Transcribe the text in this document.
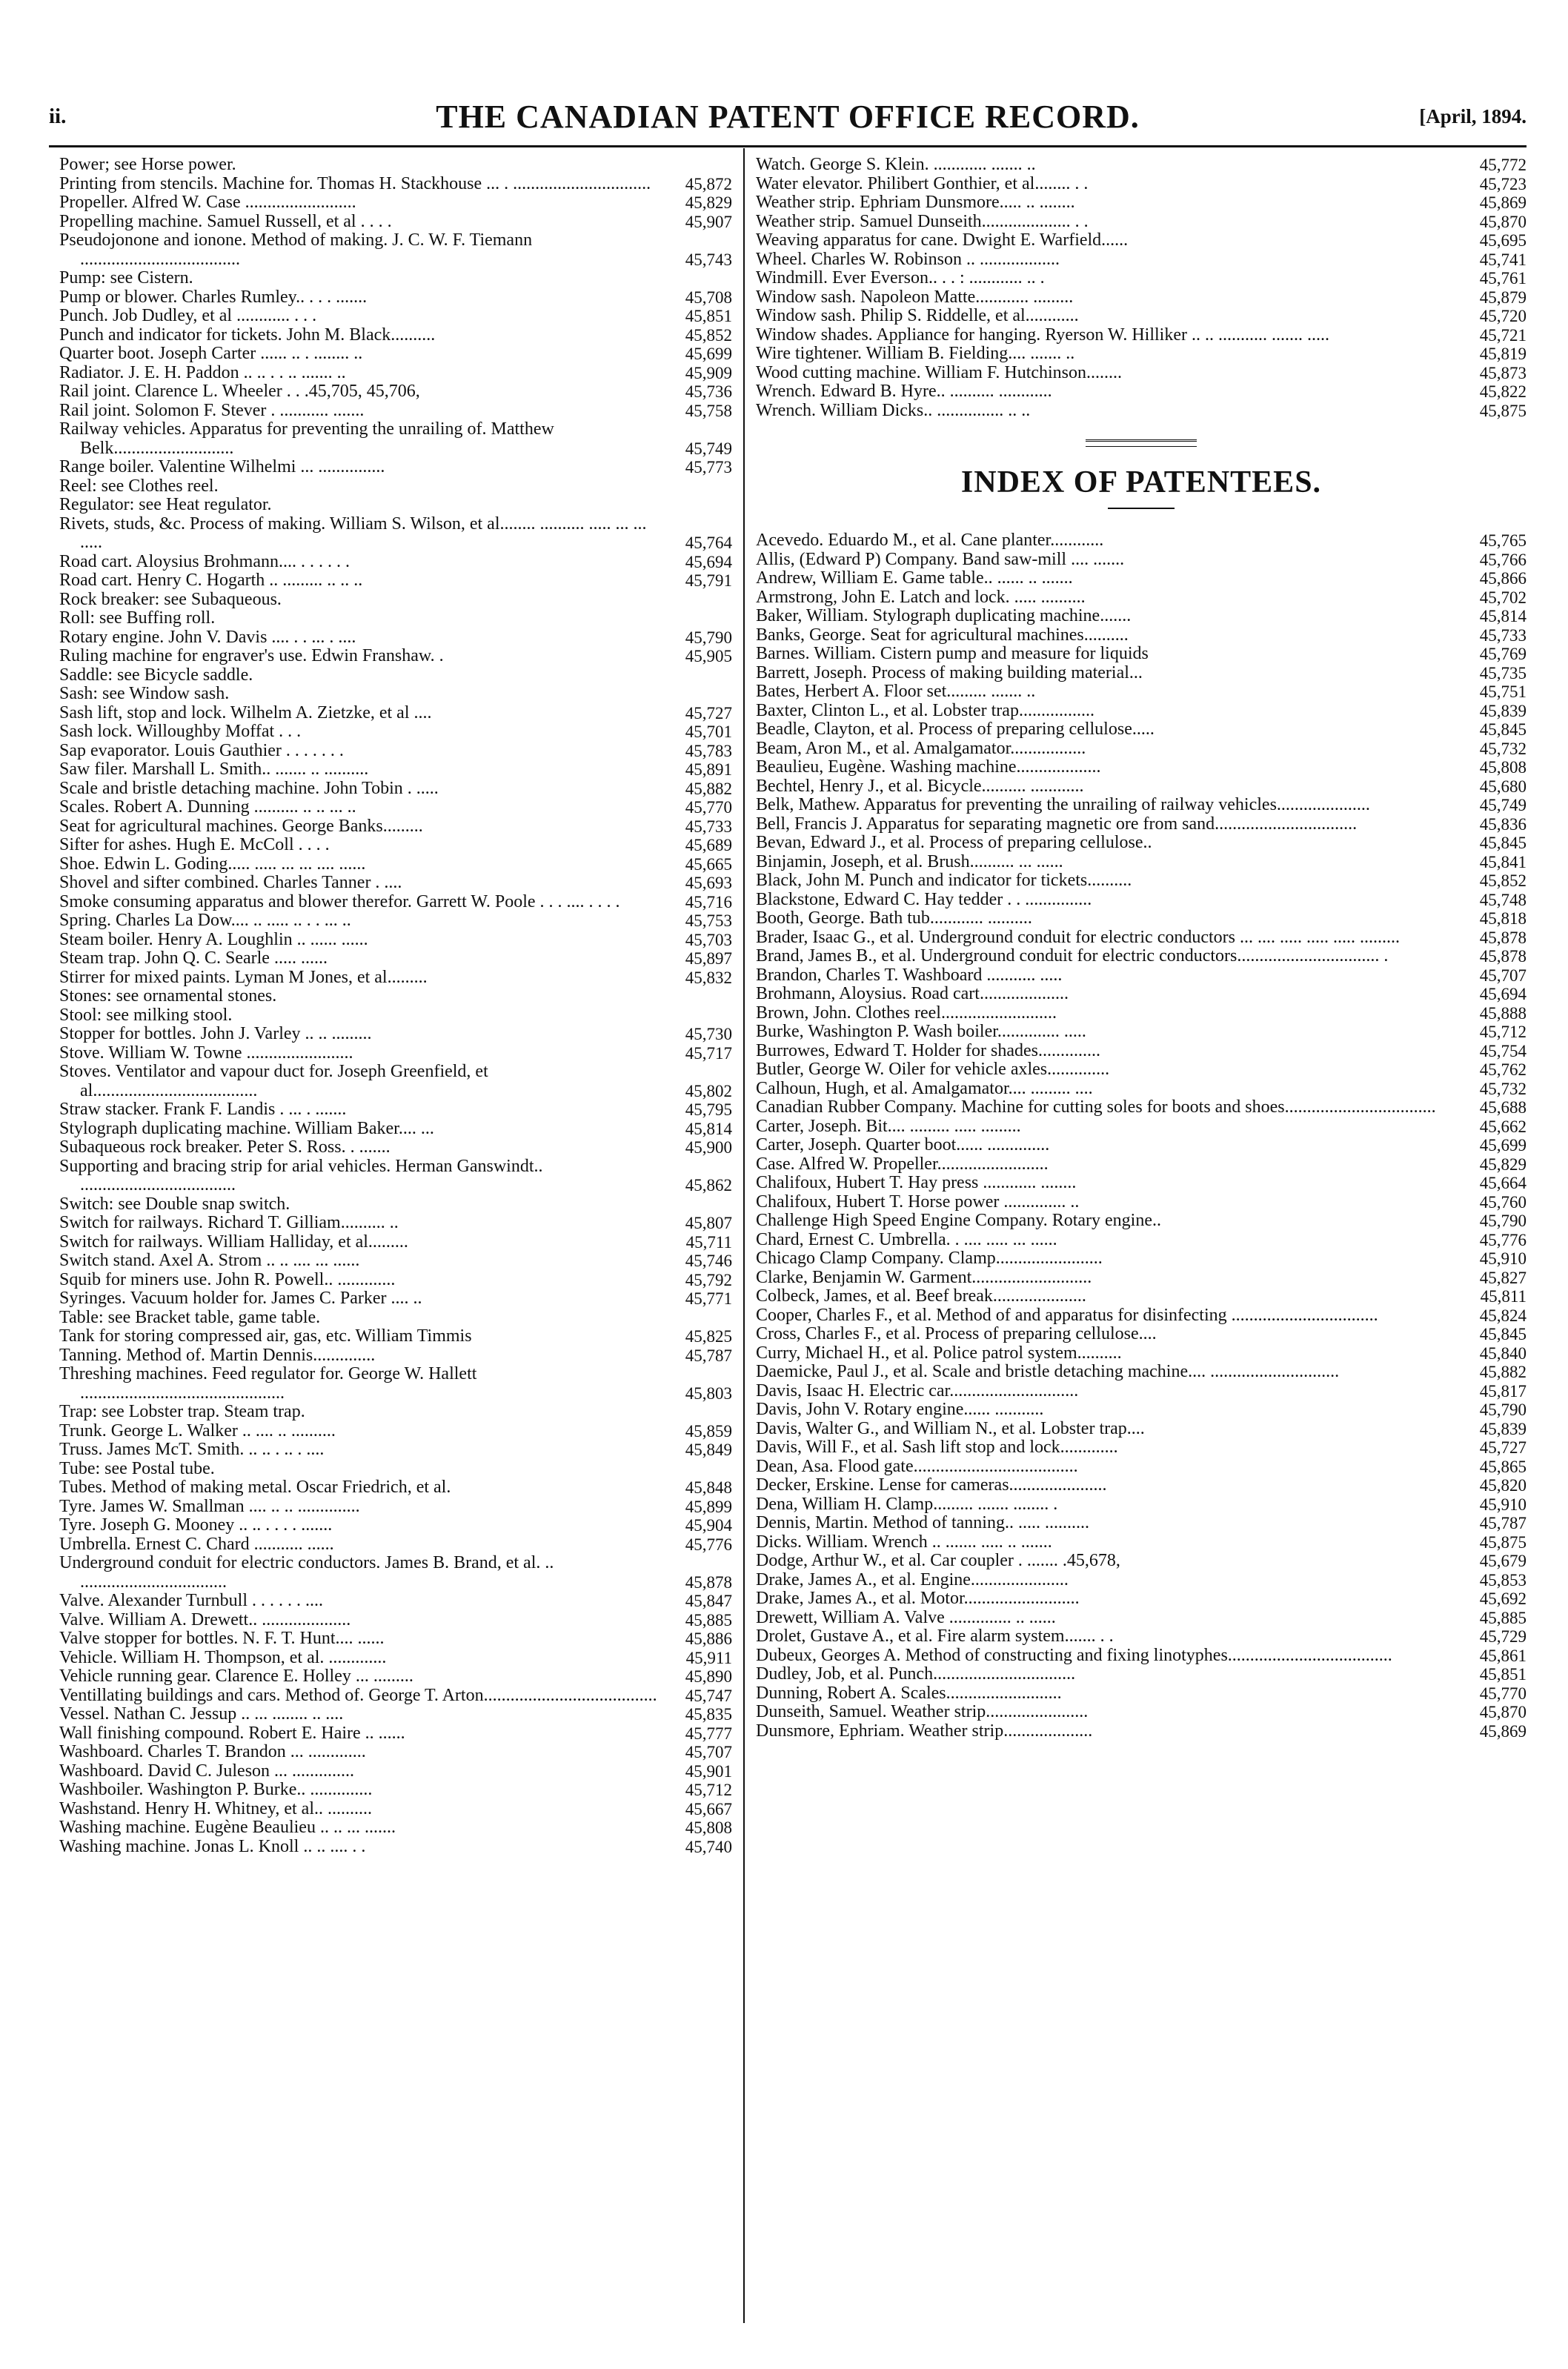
ii.	THE CANADIAN PATENT OFFICE RECORD.	[April, 1894.
Power; see Horse power.
Printing from stencils. Machine for. Thomas H. Stackhouse ... . ...............................	45,872
Propeller. Alfred W. Case .........................	45,829
Propelling machine. Samuel Russell, et al . . . .	45,907
Pseudojonone and ionone. Method of making. J. C. W. F. Tiemann ....................................	45,743
Pump: see Cistern.
Pump or blower. Charles Rumley.. . . . .......	45,708
Punch. Job Dudley, et al ............ . . .	45,851
Punch and indicator for tickets. John M. Black..........	45,852
Quarter boot. Joseph Carter ...... .. . ........ ..	45,699
Radiator. J. E. H. Paddon .. .. . . .. ....... ..	45,909
Rail joint. Clarence L. Wheeler . . .45,705, 45,706,	45,736
Rail joint. Solomon F. Stever . ........... .......	45,758
Railway vehicles. Apparatus for preventing the unrailing of. Matthew Belk...........................	45,749
Range boiler. Valentine Wilhelmi ... ...............	45,773
Reel: see Clothes reel.
Regulator: see Heat regulator.
Rivets, studs, &c. Process of making. William S. Wilson, et al........ .......... ..... ... ... .....	45,764
Road cart. Aloysius Brohmann.... . . . . . .	45,694
Road cart. Henry C. Hogarth .. ......... .. .. ..	45,791
Rock breaker: see Subaqueous.
Roll: see Buffing roll.
Rotary engine. John V. Davis .... . . ... . ....	45,790
Ruling machine for engraver's use. Edwin Franshaw. .	45,905
Saddle: see Bicycle saddle.
Sash: see Window sash.
Sash lift, stop and lock. Wilhelm A. Zietzke, et al ....	45,727
Sash lock. Willoughby Moffat . . .	45,701
Sap evaporator. Louis Gauthier . . . . . . .	45,783
Saw filer. Marshall L. Smith.. ....... .. ..........	45,891
Scale and bristle detaching machine. John Tobin . .....	45,882
Scales. Robert A. Dunning .......... .. .. ... ..	45,770
Seat for agricultural machines. George Banks.........	45,733
Sifter for ashes. Hugh E. McColl . . . .	45,689
Shoe. Edwin L. Goding..... ..... ... ... .... ......	45,665
Shovel and sifter combined. Charles Tanner . ....	45,693
Smoke consuming apparatus and blower therefor. Garrett W. Poole . . . .... . . . .	45,716
Spring. Charles La Dow.... .. ..... .. . . ... ..	45,753
Steam boiler. Henry A. Loughlin .. ...... ......	45,703
Steam trap. John Q. C. Searle ..... ......	45,897
Stirrer for mixed paints. Lyman M Jones, et al.........	45,832
Stones: see ornamental stones.
Stool: see milking stool.
Stopper for bottles. John J. Varley .. .. .........	45,730
Stove. William W. Towne ........................	45,717
Stoves. Ventilator and vapour duct for. Joseph Greenfield, et al.....................................	45,802
Straw stacker. Frank F. Landis . ... . .......	45,795
Stylograph duplicating machine. William Baker.... ...	45,814
Subaqueous rock breaker. Peter S. Ross. . .......	45,900
Supporting and bracing strip for arial vehicles. Herman Ganswindt.. ...................................	45,862
Switch: see Double snap switch.
Switch for railways. Richard T. Gilliam.......... ..	45,807
Switch for railways. William Halliday, et al.........	45,711
Switch stand. Axel A. Strom .. .. .... ... ......	45,746
Squib for miners use. John R. Powell.. .............	45,792
Syringes. Vacuum holder for. James C. Parker .... ..	45,771
Table: see Bracket table, game table.
Tank for storing compressed air, gas, etc. William Timmis	45,825
Tanning. Method of. Martin Dennis..............	45,787
Threshing machines. Feed regulator for. George W. Hallett ..............................................	45,803
Trap: see Lobster trap. Steam trap.
Trunk. George L. Walker .. .... .. ..........	45,859
Truss. James McT. Smith. .. .. . .. . ....	45,849
Tube: see Postal tube.
Tubes. Method of making metal. Oscar Friedrich, et al.	45,848
Tyre. James W. Smallman .... .. .. ..............	45,899
Tyre. Joseph G. Mooney .. .. . . . . .......	45,904
Umbrella. Ernest C. Chard ........... ......	45,776
Underground conduit for electric conductors. James B. Brand, et al. .. .................................	45,878
Valve. Alexander Turnbull . . . . . . ....	45,847
Valve. William A. Drewett.. ....................	45,885
Valve stopper for bottles. N. F. T. Hunt.... ......	45,886
Vehicle. William H. Thompson, et al. .............	45,911
Vehicle running gear. Clarence E. Holley ... .........	45,890
Ventillating buildings and cars. Method of. George T. Arton.......................................	45,747
Vessel. Nathan C. Jessup .. ... ........ .. ....	45,835
Wall finishing compound. Robert E. Haire .. ......	45,777
Washboard. Charles T. Brandon ... .............	45,707
Washboard. David C. Juleson ... ..............	45,901
Washboiler. Washington P. Burke.. ..............	45,712
Washstand. Henry H. Whitney, et al.. ..........	45,667
Washing machine. Eugène Beaulieu .. .. ... .......	45,808
Washing machine. Jonas L. Knoll .. .. .... . .	45,740
Watch. George S. Klein. ............ ....... ..	45,772
Water elevator. Philibert Gonthier, et al........ . .	45,723
Weather strip. Ephriam Dunsmore..... .. ........	45,869
Weather strip. Samuel Dunseith.................... . .	45,870
Weaving apparatus for cane. Dwight E. Warfield......	45,695
Wheel. Charles W. Robinson .. ..................	45,741
Windmill. Ever Everson.. . . : ............ .. .	45,761
Window sash. Napoleon Matte............ .........	45,879
Window sash. Philip S. Riddelle, et al............	45,720
Window shades. Appliance for hanging. Ryerson W. Hilliker .. .. ........... ....... .....	45,721
Wire tightener. William B. Fielding.... ....... ..	45,819
Wood cutting machine. William F. Hutchinson........	45,873
Wrench. Edward B. Hyre.. .......... ............	45,822
Wrench. William Dicks.. ............... .. ..	45,875
INDEX OF PATENTEES.
Acevedo. Eduardo M., et al. Cane planter............	45,765
Allis, (Edward P) Company. Band saw-mill .... .......	45,766
Andrew, William E. Game table.. ...... .. .......	45,866
Armstrong, John E. Latch and lock. ..... ..........	45,702
Baker, William. Stylograph duplicating machine.......	45,814
Banks, George. Seat for agricultural machines..........	45,733
Barnes. William. Cistern pump and measure for liquids	45,769
Barrett, Joseph. Process of making building material...	45,735
Bates, Herbert A. Floor set......... ....... ..	45,751
Baxter, Clinton L., et al. Lobster trap.................	45,839
Beadle, Clayton, et al. Process of preparing cellulose.....	45,845
Beam, Aron M., et al. Amalgamator.................	45,732
Beaulieu, Eugène. Washing machine...................	45,808
Bechtel, Henry J., et al. Bicycle.......... ............	45,680
Belk, Mathew. Apparatus for preventing the unrailing of railway vehicles.....................	45,749
Bell, Francis J. Apparatus for separating magnetic ore from sand................................	45,836
Bevan, Edward J., et al. Process of preparing cellulose..	45,845
Binjamin, Joseph, et al. Brush.......... ... ......	45,841
Black, John M. Punch and indicator for tickets..........	45,852
Blackstone, Edward C. Hay tedder . . ...............	45,748
Booth, George. Bath tub............ ..........	45,818
Brader, Isaac G., et al. Underground conduit for electric conductors ... .... ..... ..... ..... .........	45,878
Brand, James B., et al. Underground conduit for electric conductors................................ .	45,878
Brandon, Charles T. Washboard ........... .....	45,707
Brohmann, Aloysius. Road cart....................	45,694
Brown, John. Clothes reel..........................	45,888
Burke, Washington P. Wash boiler.............. .....	45,712
Burrowes, Edward T. Holder for shades..............	45,754
Butler, George W. Oiler for vehicle axles..............	45,762
Calhoun, Hugh, et al. Amalgamator.... ......... ....	45,732
Canadian Rubber Company. Machine for cutting soles for boots and shoes..................................	45,688
Carter, Joseph. Bit.... ......... ..... .........	45,662
Carter, Joseph. Quarter boot...... ..............	45,699
Case. Alfred W. Propeller.........................	45,829
Chalifoux, Hubert T. Hay press ............ ........	45,664
Chalifoux, Hubert T. Horse power .............. ..	45,760
Challenge High Speed Engine Company. Rotary engine..	45,790
Chard, Ernest C. Umbrella. . .... ..... ... ......	45,776
Chicago Clamp Company. Clamp........................	45,910
Clarke, Benjamin W. Garment...........................	45,827
Colbeck, James, et al. Beef break.....................	45,811
Cooper, Charles F., et al. Method of and apparatus for disinfecting .................................	45,824
Cross, Charles F., et al. Process of preparing cellulose....	45,845
Curry, Michael H., et al. Police patrol system..........	45,840
Daemicke, Paul J., et al. Scale and bristle detaching machine.... .............................	45,882
Davis, Isaac H. Electric car.............................	45,817
Davis, John V. Rotary engine...... ...........	45,790
Davis, Walter G., and William N., et al. Lobster trap....	45,839
Davis, Will F., et al. Sash lift stop and lock.............	45,727
Dean, Asa. Flood gate.....................................	45,865
Decker, Erskine. Lense for cameras......................	45,820
Dena, William H. Clamp......... ....... ........ .	45,910
Dennis, Martin. Method of tanning.. ..... ..........	45,787
Dicks. William. Wrench .. ....... ..... .. .......	45,875
Dodge, Arthur W., et al. Car coupler . ....... .45,678,	45,679
Drake, James A., et al. Engine......................	45,853
Drake, James A., et al. Motor..........................	45,692
Drewett, William A. Valve .............. .. ......	45,885
Drolet, Gustave A., et al. Fire alarm system....... . .	45,729
Dubeux, Georges A. Method of constructing and fixing linotyphes.....................................	45,861
Dudley, Job, et al. Punch................................	45,851
Dunning, Robert A. Scales..........................	45,770
Dunseith, Samuel. Weather strip.......................	45,870
Dunsmore, Ephriam. Weather strip....................	45,869
